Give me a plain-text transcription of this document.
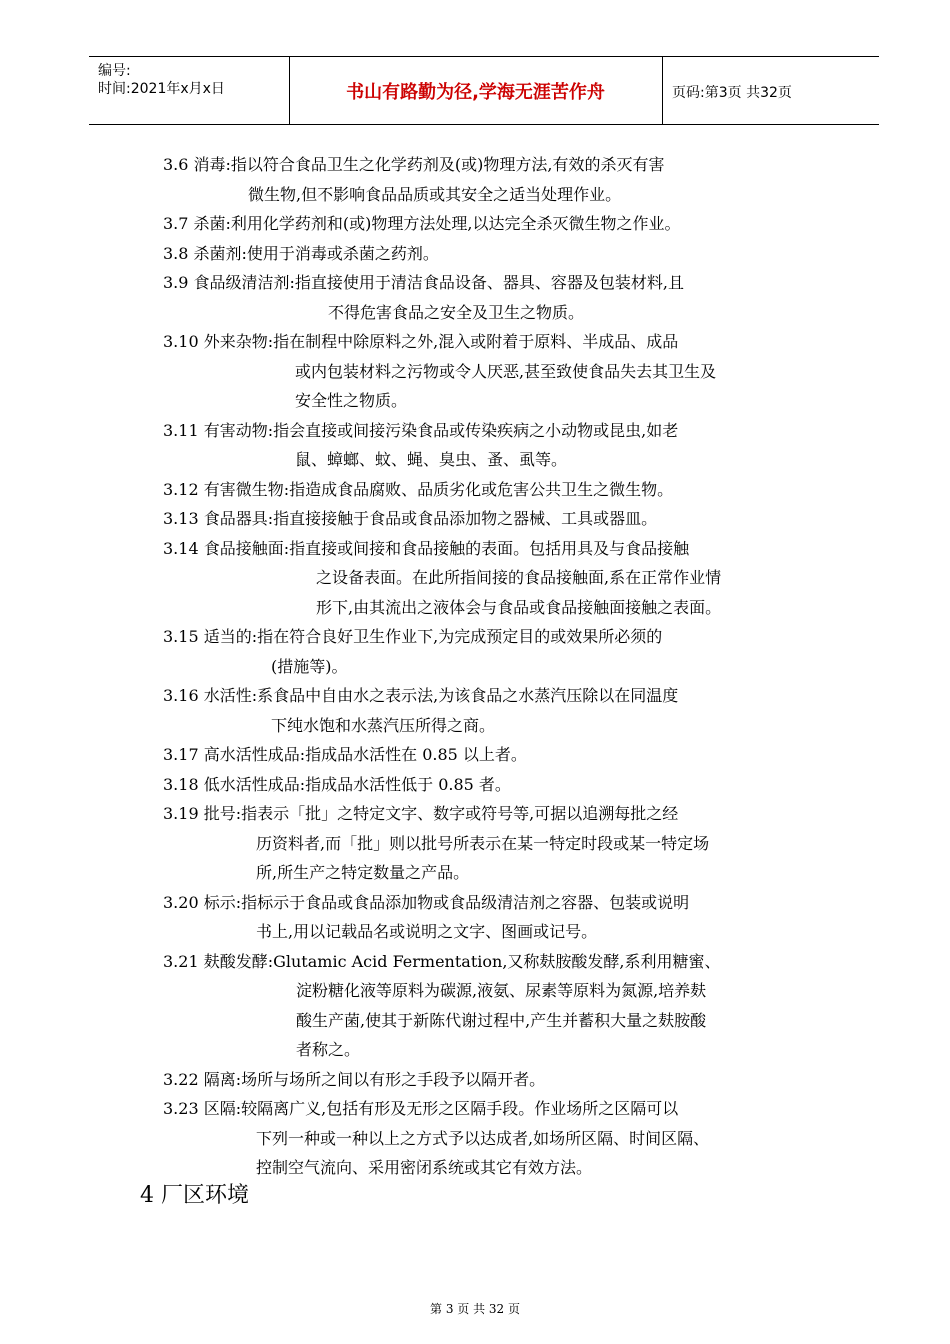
编号:
时间:2021年x月x日	书山有路勤为径,学海无涯苦作舟	页码:第3页 共32页
3.6 消毒:指以符合食品卫生之化学药剂及(或)物理方法,有效的杀灭有害
微生物,但不影响食品品质或其安全之适当处理作业。
3.7 杀菌:利用化学药剂和(或)物理方法处理,以达完全杀灭微生物之作业。
3.8 杀菌剂:使用于消毒或杀菌之药剂。
3.9 食品级清洁剂:指直接使用于清洁食品设备、器具、容器及包装材料,且
不得危害食品之安全及卫生之物质。
3.10 外来杂物:指在制程中除原料之外,混入或附着于原料、半成品、成品
或内包装材料之污物或令人厌恶,甚至致使食品失去其卫生及
安全性之物质。
3.11 有害动物:指会直接或间接污染食品或传染疾病之小动物或昆虫,如老
鼠、蟑螂、蚊、蝇、臭虫、蚤、虱等。
3.12 有害微生物:指造成食品腐败、品质劣化或危害公共卫生之微生物。
3.13 食品器具:指直接接触于食品或食品添加物之器械、工具或器皿。
3.14 食品接触面:指直接或间接和食品接触的表面。包括用具及与食品接触
之设备表面。在此所指间接的食品接触面,系在正常作业情
形下,由其流出之液体会与食品或食品接触面接触之表面。
3.15 适当的:指在符合良好卫生作业下,为完成预定目的或效果所必须的
(措施等)。
3.16 水活性:系食品中自由水之表示法,为该食品之水蒸汽压除以在同温度
下纯水饱和水蒸汽压所得之商。
3.17 高水活性成品:指成品水活性在 0.85 以上者。
3.18 低水活性成品:指成品水活性低于 0.85 者。
3.19 批号:指表示「批」之特定文字、数字或符号等,可据以追溯每批之经
历资料者,而「批」则以批号所表示在某一特定时段或某一特定场
所,所生产之特定数量之产品。
3.20 标示:指标示于食品或食品添加物或食品级清洁剂之容器、包装或说明
书上,用以记载品名或说明之文字、图画或记号。
3.21 麸酸发酵:Glutamic Acid Fermentation,又称麸胺酸发酵,系利用糖蜜、
淀粉糖化液等原料为碳源,液氨、尿素等原料为氮源,培养麸
酸生产菌,使其于新陈代谢过程中,产生并蓄积大量之麸胺酸
者称之。
3.22 隔离:场所与场所之间以有形之手段予以隔开者。
3.23 区隔:较隔离广义,包括有形及无形之区隔手段。作业场所之区隔可以
下列一种或一种以上之方式予以达成者,如场所区隔、时间区隔、
控制空气流向、采用密闭系统或其它有效方法。
4 厂区环境
第 3 页 共 32 页
